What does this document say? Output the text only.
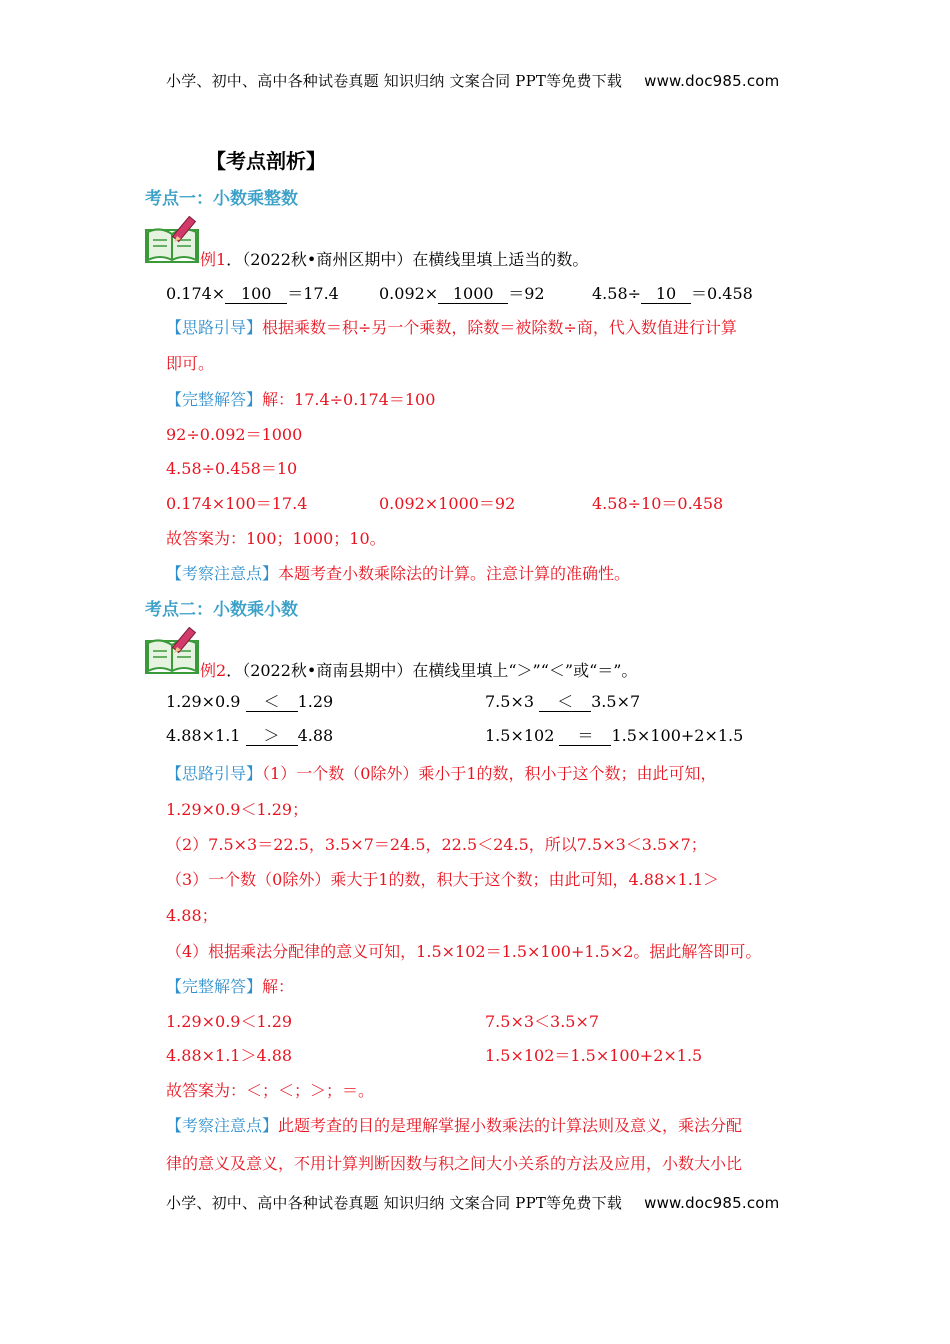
小学、初中、高中各种试卷真题 知识归纳 文案合同 PPT等免费下载 www.doc985.com
【考点剖析】
考点一：小数乘整数
例1．（2022秋•商州区期中）在横线里填上适当的数。
0.174× 100 ＝17.4	0.092× 1000 ＝92	4.58÷ 10 ＝0.458
【思路引导】根据乘数＝积÷另一个乘数，除数＝被除数÷商，代入数值进行计算
即可。
【完整解答】解：17.4÷0.174＝100
92÷0.092＝1000
4.58÷0.458＝10
0.174×100＝17.4	0.092×1000＝92	4.58÷10＝0.458
故答案为：100；1000；10。
【考察注意点】本题考查小数乘除法的计算。注意计算的准确性。
考点二：小数乘小数
例2．（2022秋•商南县期中）在横线里填上“＞”“＜”或“＝”。
1.29×0.9 ＜ 1.29	7.5×3 ＜ 3.5×7
4.88×1.1 ＞ 4.88	1.5×102 ＝ 1.5×100+2×1.5
【思路引导】（1）一个数（0除外）乘小于1的数，积小于这个数；由此可知，
1.29×0.9＜1.29；
（2）7.5×3＝22.5，3.5×7＝24.5，22.5＜24.5，所以7.5×3＜3.5×7；
（3）一个数（0除外）乘大于1的数，积大于这个数；由此可知，4.88×1.1＞
4.88；
（4）根据乘法分配律的意义可知，1.5×102＝1.5×100+1.5×2。据此解答即可。
【完整解答】解：
1.29×0.9＜1.29	7.5×3＜3.5×7
4.88×1.1＞4.88	1.5×102＝1.5×100+2×1.5
故答案为：＜；＜；＞；＝。
【考察注意点】此题考查的目的是理解掌握小数乘法的计算法则及意义，乘法分配
律的意义及意义，不用计算判断因数与积之间大小关系的方法及应用，小数大小比
小学、初中、高中各种试卷真题 知识归纳 文案合同 PPT等免费下载 www.doc985.com
